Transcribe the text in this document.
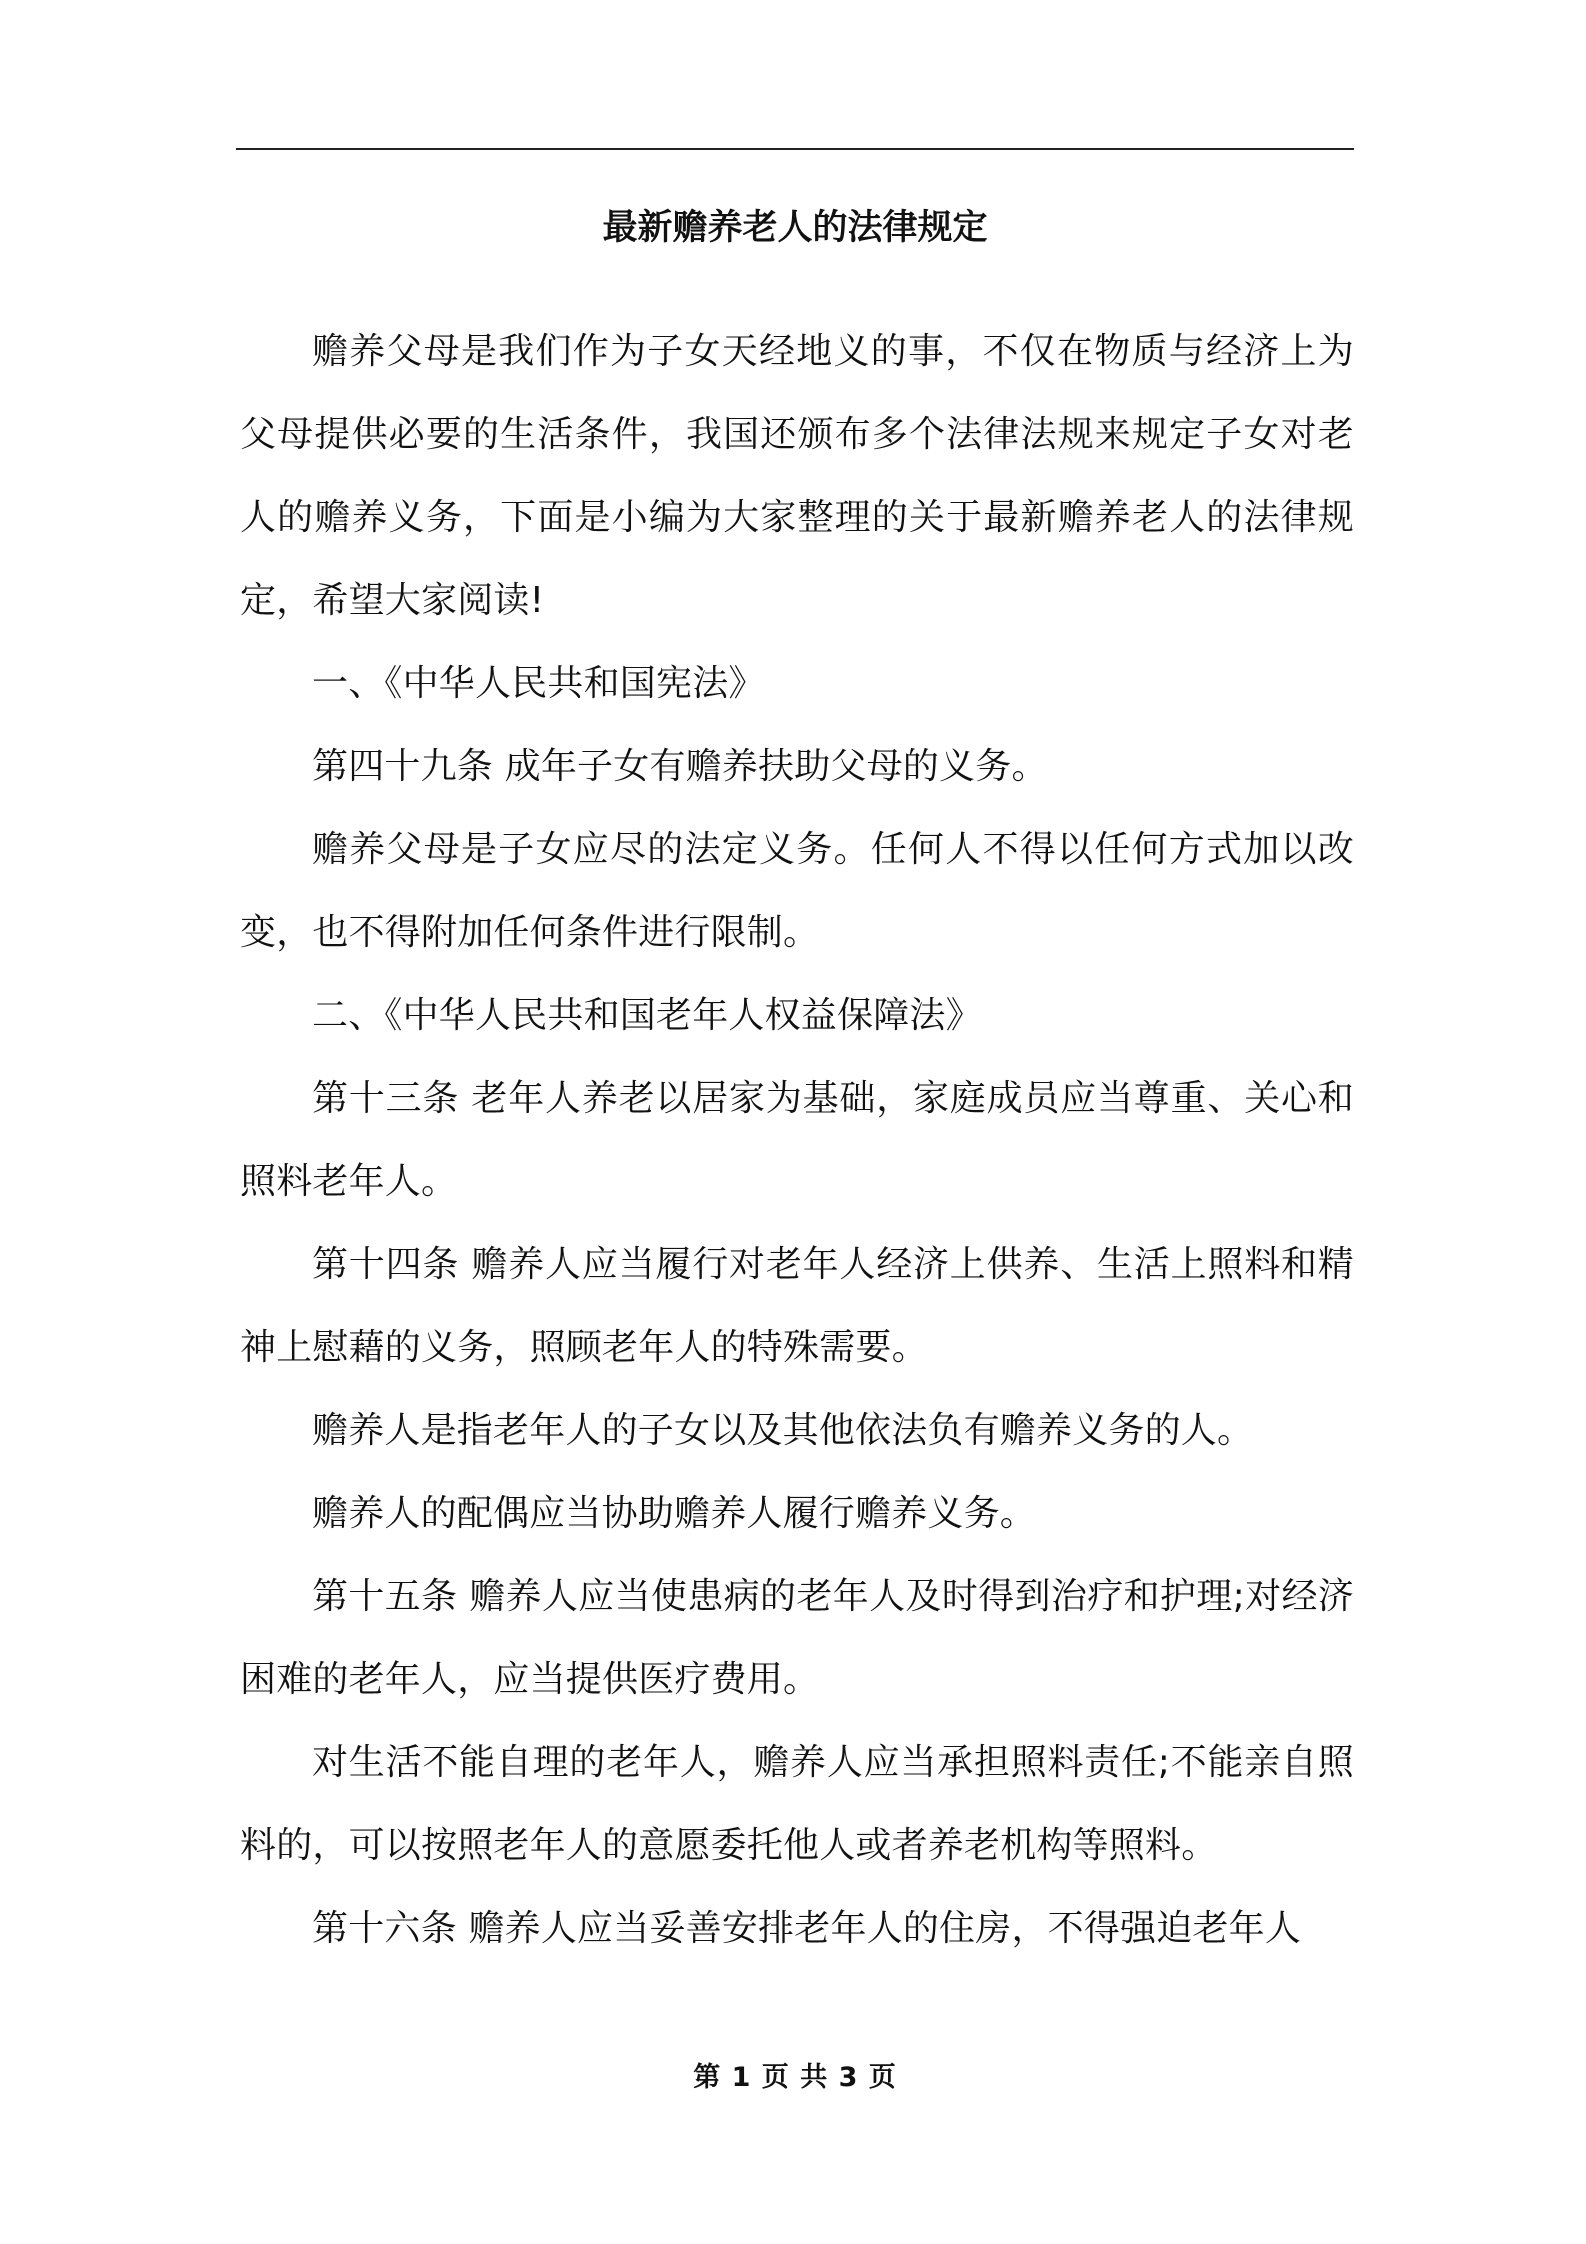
最新赡养老人的法律规定

赡养父母是我们作为子女天经地义的事，不仅在物质与经济上为父母提供必要的生活条件，我国还颁布多个法律法规来规定子女对老人的赡养义务，下面是小编为大家整理的关于最新赡养老人的法律规定，希望大家阅读!

一、《中华人民共和国宪法》

第四十九条 成年子女有赡养扶助父母的义务。

赡养父母是子女应尽的法定义务。任何人不得以任何方式加以改变，也不得附加任何条件进行限制。

二、《中华人民共和国老年人权益保障法》

第十三条 老年人养老以居家为基础，家庭成员应当尊重、关心和照料老年人。

第十四条 赡养人应当履行对老年人经济上供养、生活上照料和精神上慰藉的义务，照顾老年人的特殊需要。

赡养人是指老年人的子女以及其他依法负有赡养义务的人。

赡养人的配偶应当协助赡养人履行赡养义务。

第十五条 赡养人应当使患病的老年人及时得到治疗和护理;对经济困难的老年人，应当提供医疗费用。

对生活不能自理的老年人，赡养人应当承担照料责任;不能亲自照料的，可以按照老年人的意愿委托他人或者养老机构等照料。

第十六条 赡养人应当妥善安排老年人的住房，不得强迫老年人

第 1 页 共 3 页
